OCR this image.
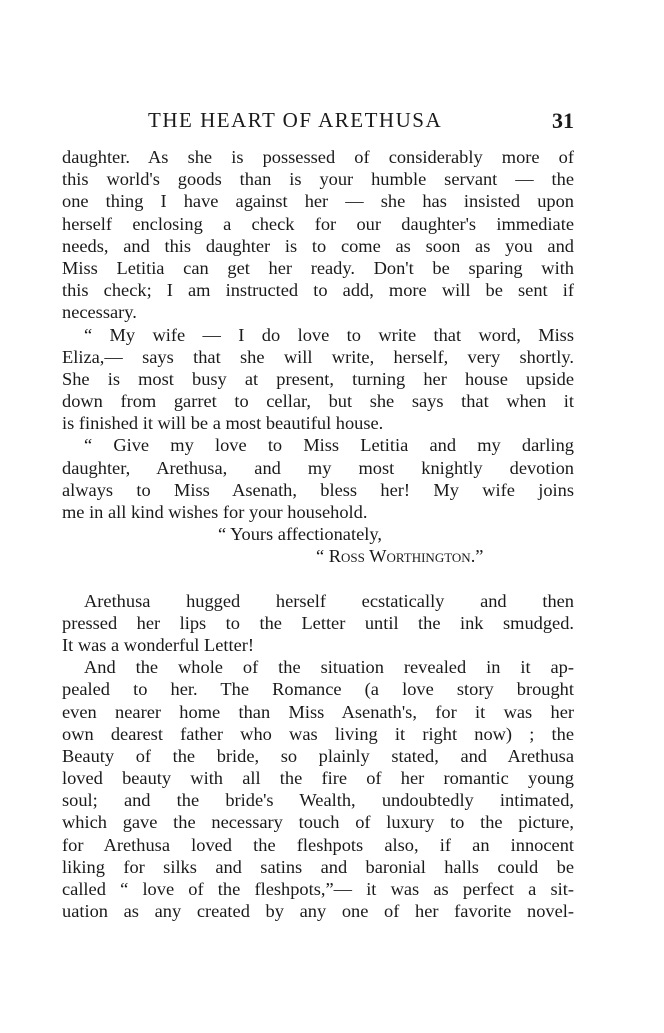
THE HEART OF ARETHUSA	31
daughter. As she is possessed of considerably more of
this world's goods than is your humble servant — the
one thing I have against her — she has insisted upon
herself enclosing a check for our daughter's immediate
needs, and this daughter is to come as soon as you and
Miss Letitia can get her ready. Don't be sparing with
this check; I am instructed to add, more will be sent if
necessary.
“ My wife — I do love to write that word, Miss
Eliza,— says that she will write, herself, very shortly.
She is most busy at present, turning her house upside
down from garret to cellar, but she says that when it
is finished it will be a most beautiful house.
“ Give my love to Miss Letitia and my darling
daughter, Arethusa, and my most knightly devotion
always to Miss Asenath, bless her! My wife joins
me in all kind wishes for your household.
“ Yours affectionately,
“ Ross Worthington.”
Arethusa hugged herself ecstatically and then
pressed her lips to the Letter until the ink smudged.
It was a wonderful Letter!
And the whole of the situation revealed in it ap-
pealed to her. The Romance (a love story brought
even nearer home than Miss Asenath's, for it was her
own dearest father who was living it right now) ; the
Beauty of the bride, so plainly stated, and Arethusa
loved beauty with all the fire of her romantic young
soul; and the bride's Wealth, undoubtedly intimated,
which gave the necessary touch of luxury to the picture,
for Arethusa loved the fleshpots also, if an innocent
liking for silks and satins and baronial halls could be
called “ love of the fleshpots,”— it was as perfect a sit-
uation as any created by any one of her favorite novel-
